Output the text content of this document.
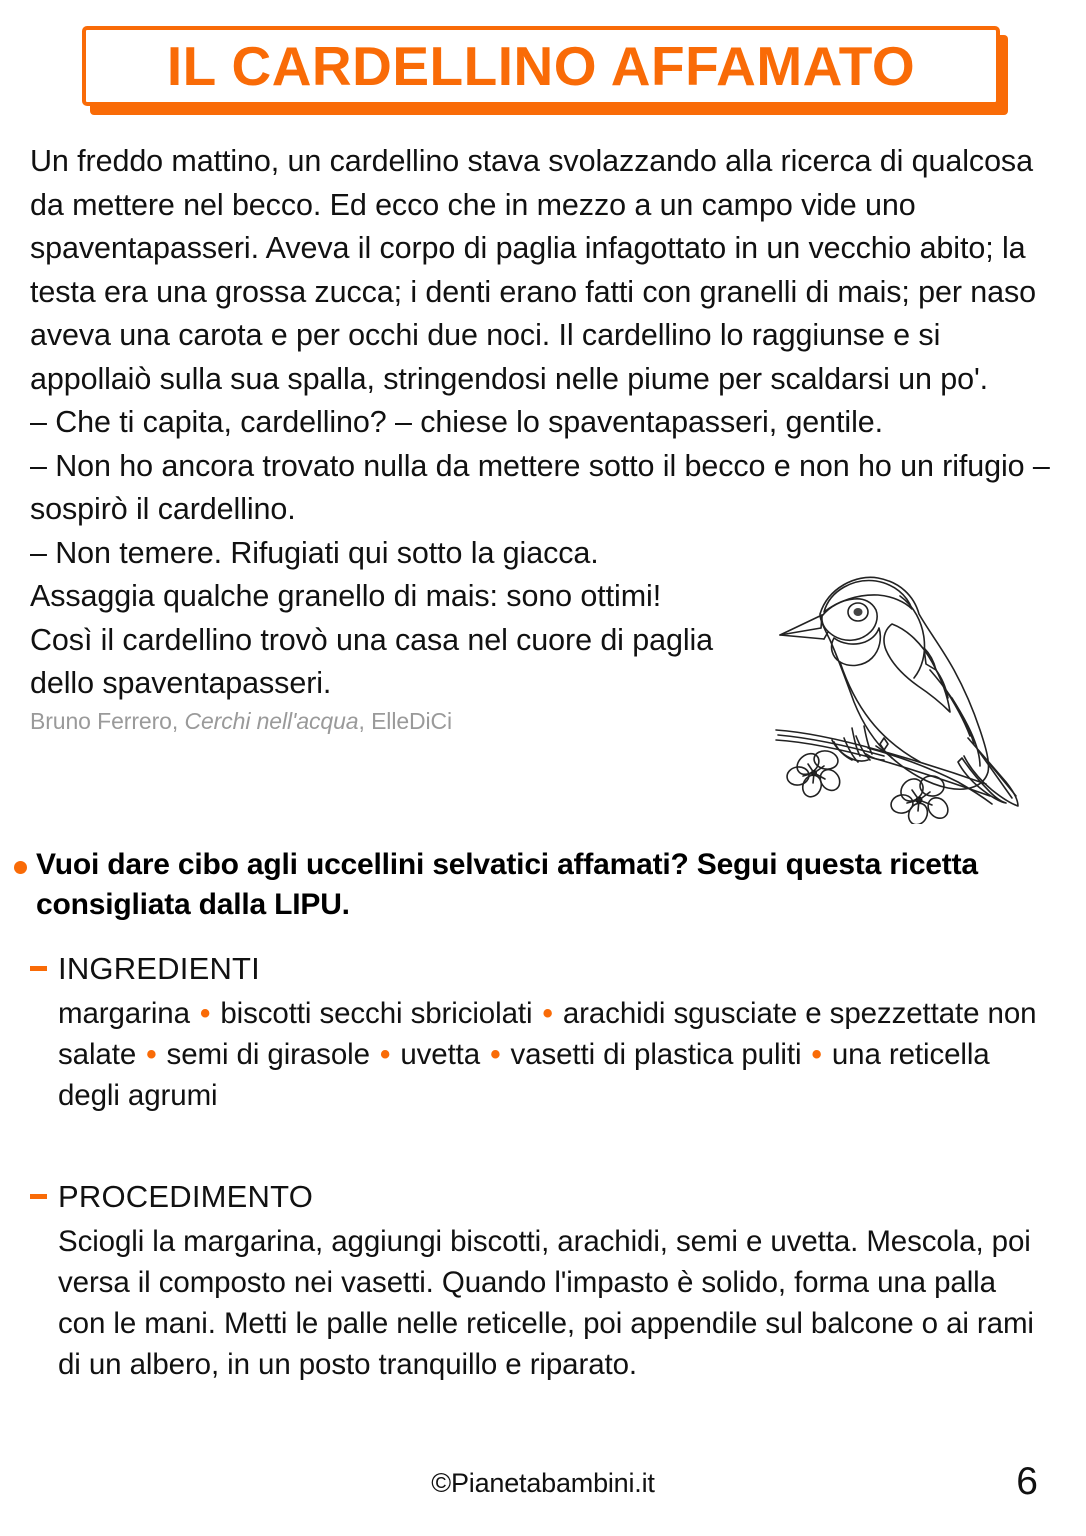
IL CARDELLINO AFFAMATO

Un freddo mattino, un cardellino stava svolazzando alla ricerca di qualcosa da mettere nel becco. Ed ecco che in mezzo a un campo vide uno spaventapasseri. Aveva il corpo di paglia infagottato in un vecchio abito; la testa era una grossa zucca; i denti erano fatti con granelli di mais; per naso aveva una carota e per occhi due noci. Il cardellino lo raggiunse e si appollaiò sulla sua spalla, stringendosi nelle piume per scaldarsi un po'.

– Che ti capita, cardellino? – chiese lo spaventapasseri, gentile.

– Non ho ancora trovato nulla da mettere sotto il becco e non ho un rifugio – sospirò il cardellino.

– Non temere. Rifugiati qui sotto la giacca.

Assaggia qualche granello di mais: sono ottimi!

Così il cardellino trovò una casa nel cuore di paglia dello spaventapasseri.

Bruno Ferrero, Cerchi nell'acqua, ElleDiCi

Vuoi dare cibo agli uccellini selvatici affamati? Segui questa ricetta consigliata dalla LIPU.
INGREDIENTI
margarina • biscotti secchi sbriciolati • arachidi sgusciate e spezzettate non salate • semi di girasole • uvetta • vasetti di plastica puliti • una reticella degli agrumi
PROCEDIMENTO
Sciogli la margarina, aggiungi biscotti, arachidi, semi e uvetta. Mescola, poi versa il composto nei vasetti. Quando l'impasto è solido, forma una palla con le mani. Metti le palle nelle reticelle, poi appendile sul balcone o ai rami di un albero, in un posto tranquillo e riparato.
©Pianetabambini.it	6
